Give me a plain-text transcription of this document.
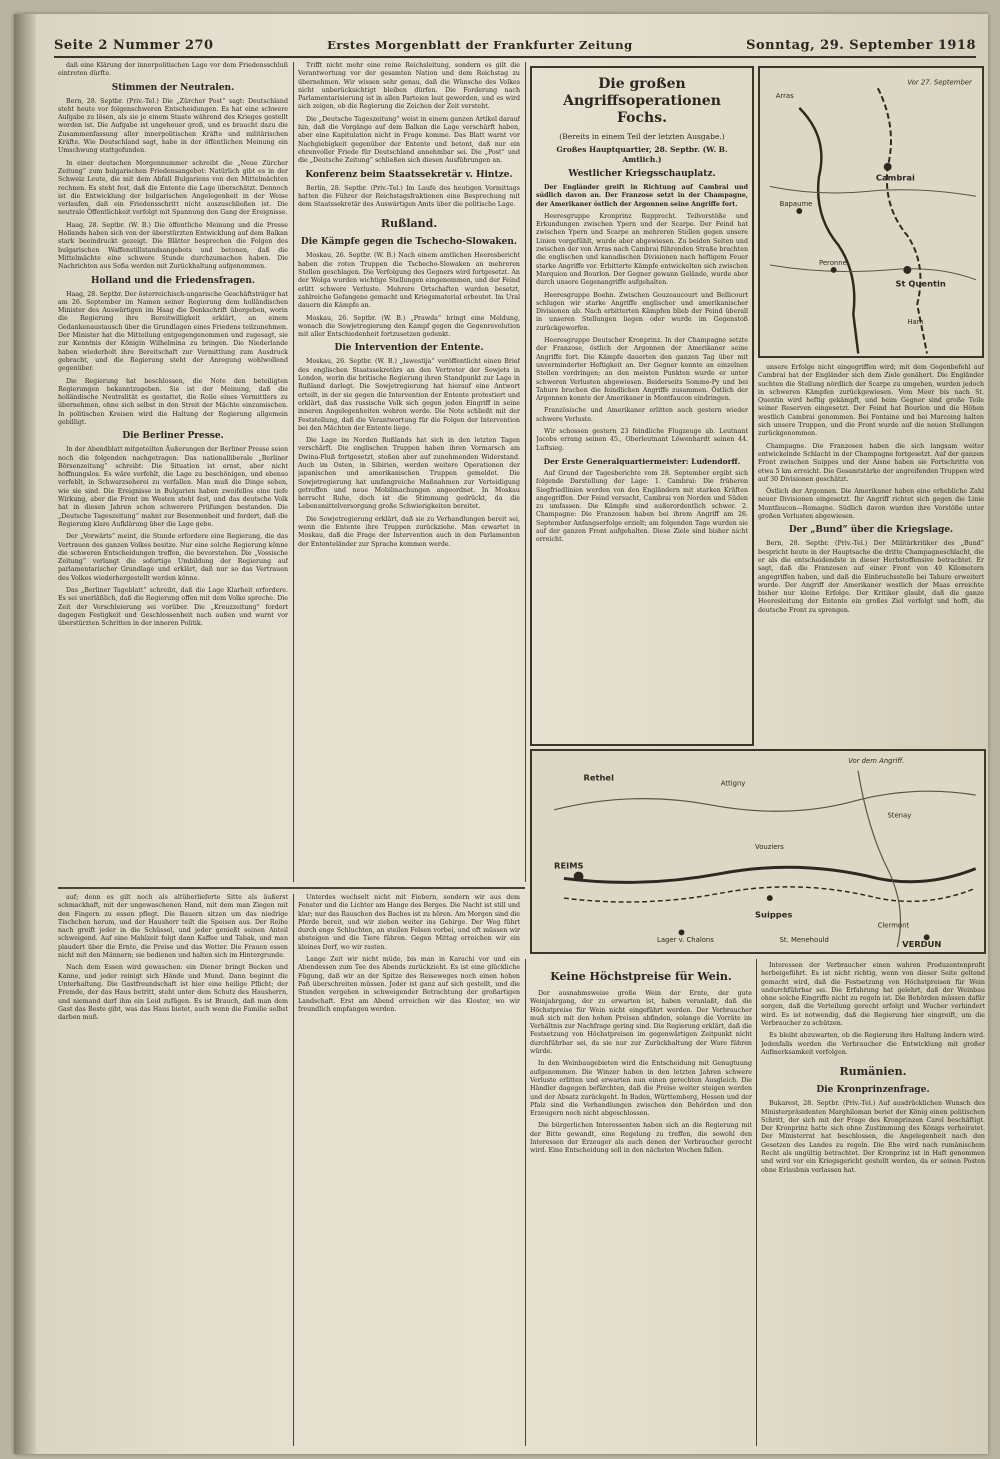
Seite 2 Nummer 270	Erstes Morgenblatt der Frankfurter Zeitung	Sonntag, 29. September 1918

daß eine Klärung der innerpolitischen Lage vor dem Friedensschluß eintreten dürfte.

Stimmen der Neutralen.

Bern, 28. Septbr. (Priv.-Tel.) Die „Zürcher Post“ sagt: Deutschland steht heute vor folgenschweren Entscheidungen. Es hat eine schwere Aufgabe zu lösen, als sie je einem Staate während des Krieges gestellt worden ist. Die Aufgabe ist ungeheuer groß, und es braucht dazu die Zusammenfassung aller innerpolitischen Kräfte und militärischen Kräfte. Wie Deutschland sagt, habe in der öffentlichen Meinung ein Umschwung stattgefunden.

In einer deutschen Morgennummer schreibt die „Neue Zürcher Zeitung“ zum bulgarischen Friedensangebot: Natürlich gibt es in der Schweiz Leute, die mit dem Abfall Bulgariens von den Mittelmächten rechnen. Es steht fest, daß die Entente die Lage überschätzt. Dennoch ist die Entwicklung der bulgarischen Angelegenheit in der Weise verlaufen, daß ein Friedensschritt nicht auszuschließen ist. Die neutrale Öffentlichkeit verfolgt mit Spannung den Gang der Ereignisse.

Haag, 28. Septbr. (W. B.) Die öffentliche Meinung und die Presse Hollands haben sich von der überstürzten Entwicklung auf dem Balkan stark beeindruckt gezeigt. Die Blätter besprechen die Folgen des bulgarischen Waffenstillstandsangebots und betonen, daß die Mittelmächte eine schwere Stunde durchzumachen haben. Die Nachrichten aus Sofia werden mit Zurückhaltung aufgenommen.

Holland und die Friedensfragen.

Haag, 28. Septbr. Der österreichisch-ungarische Geschäftsträger hat am 26. September im Namen seiner Regierung dem holländischen Minister des Auswärtigen im Haag die Denkschrift übergeben, worin die Regierung ihre Bereitwilligkeit erklärt, an einem Gedankenaustausch über die Grundlagen eines Friedens teilzunehmen. Der Minister hat die Mitteilung entgegengenommen und zugesagt, sie zur Kenntnis der Königin Wilhelmina zu bringen. Die Niederlande haben wiederholt ihre Bereitschaft zur Vermittlung zum Ausdruck gebracht, und die Regierung steht der Anregung wohlwollend gegenüber.

Die Regierung hat beschlossen, die Note den beteiligten Regierungen bekanntzugeben. Sie ist der Meinung, daß die holländische Neutralität es gestattet, die Rolle eines Vermittlers zu übernehmen, ohne sich selbst in den Streit der Mächte einzumischen. In politischen Kreisen wird die Haltung der Regierung allgemein gebilligt.

Die Berliner Presse.

In der Abendblatt mitgeteilten Äußerungen der Berliner Presse seien noch die folgenden nachgetragen: Das nationalliberale „Berliner Börsenzeitung“ schreibt: Die Situation ist ernst, aber nicht hoffnungslos. Es wäre verfehlt, die Lage zu beschönigen, und ebenso verfehlt, in Schwarzseherei zu verfallen. Man muß die Dinge sehen, wie sie sind. Die Ereignisse in Bulgarien haben zweifellos eine tiefe Wirkung, aber die Front im Westen steht fest, und das deutsche Volk hat in diesen Jahren schon schwerere Prüfungen bestanden. Die „Deutsche Tageszeitung“ mahnt zur Besonnenheit und fordert, daß die Regierung klare Aufklärung über die Lage gebe.

Der „Vorwärts“ meint, die Stunde erfordere eine Regierung, die das Vertrauen des ganzen Volkes besitze. Nur eine solche Regierung könne die schweren Entscheidungen treffen, die bevorstehen. Die „Vossische Zeitung“ verlangt die sofortige Umbildung der Regierung auf parlamentarischer Grundlage und erklärt, daß nur so das Vertrauen des Volkes wiederhergestellt werden könne.

Das „Berliner Tageblatt“ schreibt, daß die Lage Klarheit erfordere. Es sei unerläßlich, daß die Regierung offen mit dem Volke spreche. Die Zeit der Verschleierung sei vorüber. Die „Kreuzzeitung“ fordert dagegen Festigkeit und Geschlossenheit nach außen und warnt vor überstürzten Schritten in der inneren Politik.

Trifft nicht mehr eine reine Reichsleitung, sondern es gilt die Verantwortung vor der gesamten Nation und dem Reichstag zu übernehmen. Wir wissen sehr genau, daß die Wünsche des Volkes nicht unberücksichtigt bleiben dürfen. Die Forderung nach Parlamentarisierung ist in allen Parteien laut geworden, und es wird sich zeigen, ob die Regierung die Zeichen der Zeit versteht.

Die „Deutsche Tageszeitung“ weist in einem ganzen Artikel darauf hin, daß die Vorgänge auf dem Balkan die Lage verschärft haben, aber eine Kapitulation nicht in Frage komme. Das Blatt warnt vor Nachgiebigkeit gegenüber der Entente und betont, daß nur ein ehrenvoller Friede für Deutschland annehmbar sei. Die „Post“ und die „Deutsche Zeitung“ schließen sich diesen Ausführungen an.

Konferenz beim Staatssekretär v. Hintze.

Berlin, 28. Septbr. (Priv.-Tel.) Im Laufe des heutigen Vormittags hatten die Führer der Reichstagsfraktionen eine Besprechung mit dem Staatssekretär des Auswärtigen Amts über die politische Lage.

Rußland.
Die Kämpfe gegen die Tschecho-Slowaken.

Moskau, 26. Septbr. (W. B.) Nach einem amtlichen Heeresbericht haben die roten Truppen die Tschecho-Slowaken an mehreren Stellen geschlagen. Die Verfolgung des Gegners wird fortgesetzt. An der Wolga wurden wichtige Stellungen eingenommen, und der Feind erlitt schwere Verluste. Mehrere Ortschaften wurden besetzt, zahlreiche Gefangene gemacht und Kriegsmaterial erbeutet. Im Ural dauern die Kämpfe an.

Moskau, 26. Septbr. (W. B.) „Prawda“ bringt eine Meldung, wonach die Sowjetregierung den Kampf gegen die Gegenrevolution mit aller Entschiedenheit fortzusetzen gedenkt.

Die Intervention der Entente.

Moskau, 26. Septbr. (W. B.) „Iswestija“ veröffentlicht einen Brief des englischen Staatssekretärs an den Vertreter der Sowjets in London, worin die britische Regierung ihren Standpunkt zur Lage in Rußland darlegt. Die Sowjetregierung hat hierauf eine Antwort erteilt, in der sie gegen die Intervention der Entente protestiert und erklärt, daß das russische Volk sich gegen jeden Eingriff in seine inneren Angelegenheiten wehren werde. Die Note schließt mit der Feststellung, daß die Verantwortung für die Folgen der Intervention bei den Mächten der Entente liege.

Die Lage im Norden Rußlands hat sich in den letzten Tagen verschärft. Die englischen Truppen haben ihren Vormarsch am Dwina-Fluß fortgesetzt, stoßen aber auf zunehmenden Widerstand. Auch im Osten, in Sibirien, werden weitere Operationen der japanischen und amerikanischen Truppen gemeldet. Die Sowjetregierung hat umfangreiche Maßnahmen zur Verteidigung getroffen und neue Mobilmachungen angeordnet. In Moskau herrscht Ruhe, doch ist die Stimmung gedrückt, da die Lebensmittelversorgung große Schwierigkeiten bereitet.

Die Sowjetregierung erklärt, daß sie zu Verhandlungen bereit sei, wenn die Entente ihre Truppen zurückziehe. Man erwartet in Moskau, daß die Frage der Intervention auch in den Parlamenten der Ententeländer zur Sprache kommen werde.

Die großen Angriffsoperationen Fochs.
(Bereits in einem Teil der letzten Ausgabe.)
Großes Hauptquartier, 28. Septbr. (W. B. Amtlich.)
Westlicher Kriegsschauplatz.

Der Engländer greift in Richtung auf Cambrai und südlich davon an. Der Franzose setzt in der Champagne, der Amerikaner östlich der Argonnen seine Angriffe fort.

Heeresgruppe Kronprinz Rupprecht. Teilvorstöße und Erkundungen zwischen Ypern und der Scarpe. Der Feind hat zwischen Ypern und Scarpe an mehreren Stellen gegen unsere Linien vorgefühlt, wurde aber abgewiesen. Zu beiden Seiten und zwischen der von Arras nach Cambrai führenden Straße brachten die englischen und kanadischen Divisionen nach heftigem Feuer starke Angriffe vor. Erbitterte Kämpfe entwickelten sich zwischen Marquion und Bourlon. Der Gegner gewann Gelände, wurde aber durch unsere Gegenangriffe aufgehalten.

Heeresgruppe Boehn. Zwischen Gouzeaucourt und Bellicourt schlugen wir starke Angriffe englischer und amerikanischer Divisionen ab. Nach erbitterten Kämpfen blieb der Feind überall in unseren Stellungen liegen oder wurde im Gegenstoß zurückgeworfen.

Heeresgruppe Deutscher Kronprinz. In der Champagne setzte der Franzose, östlich der Argonnen der Amerikaner seine Angriffe fort. Die Kämpfe dauerten den ganzen Tag über mit unverminderter Heftigkeit an. Der Gegner konnte an einzelnen Stellen vordringen; an den meisten Punkten wurde er unter schweren Verlusten abgewiesen. Beiderseits Somme-Py und bei Tahure brachen die feindlichen Angriffe zusammen. Östlich der Argonnen konnte der Amerikaner in Montfaucon eindringen.

Französische und Amerikaner erlitten auch gestern wieder schwere Verluste.

Wir schossen gestern 23 feindliche Flugzeuge ab. Leutnant Jacobs errang seinen 45., Oberleutnant Löwenhardt seinen 44. Luftsieg.

Der Erste Generalquartiermeister: Ludendorff.

Auf Grund der Tagesberichte vom 28. September ergibt sich folgende Darstellung der Lage: 1. Cambrai: Die früheren Siegfriedlinien werden von den Engländern mit starken Kräften angegriffen. Der Feind versucht, Cambrai von Norden und Süden zu umfassen. Die Kämpfe sind außerordentlich schwer. 2. Champagne: Die Franzosen haben bei ihrem Angriff am 26. September Anfangserfolge erzielt; am folgenden Tage wurden sie auf der ganzen Front aufgehalten. Diese Ziele sind bisher nicht erreicht.

Vor 27. September
Cambrai
St Quentin
Bapaume
Peronne
Arras
Ham

unsere Erfolge nicht eingegriffen wird; mit dem Gegenbefehl auf Cambrai hat der Engländer sich dem Ziele genähert. Die Engländer suchten die Stellung nördlich der Scarpe zu umgehen, wurden jedoch in schweren Kämpfen zurückgewiesen. Vom Meer bis nach St. Quentin wird heftig gekämpft, und beim Gegner sind große Teile seiner Reserven eingesetzt. Der Feind hat Bourlon und die Höhen westlich Cambrai genommen. Bei Fontaine und bei Marcoing halten sich unsere Truppen, und die Front wurde auf die neuen Stellungen zurückgenommen.

Champagne. Die Franzosen haben die sich langsam weiter entwickelnde Schlacht in der Champagne fortgesetzt. Auf der ganzen Front zwischen Suippes und der Aisne haben sie Fortschritte von etwa 5 km erreicht. Die Gesamtstärke der angreifenden Truppen wird auf 30 Divisionen geschätzt.

Östlich der Argonnen. Die Amerikaner haben eine erhebliche Zahl neuer Divisionen eingesetzt. Ihr Angriff richtet sich gegen die Linie Montfaucon—Romagne. Südlich davon wurden ihre Vorstöße unter großen Verlusten abgewiesen.

Der „Bund“ über die Kriegslage.

Bern, 28. Septbr. (Priv.-Tel.) Der Militärkritiker des „Bund“ bespricht heute in der Hauptsache die dritte Champagneschlacht, die er als die entscheidendste in dieser Herbstoffensive betrachtet. Er sagt, daß die Franzosen auf einer Front von 40 Kilometern angegriffen haben, und daß die Einbruchsstelle bei Tahure erweitert wurde. Der Angriff der Amerikaner westlich der Maas erreichte bisher nur kleine Erfolge. Der Kritiker glaubt, daß die ganze Heeresleitung der Entente ein großes Ziel verfolgt und hofft, die deutsche Front zu sprengen.

Vor dem Angriff.
Rethel
REIMS
Suippes
Lager v. Chalons	VERDUN
Stenay
St. Menehould
Clermont
Attigny
Vouziers

auf; denn es gilt noch als altüberlieferte Sitte als äußerst schmackhaft, mit der ungewaschenen Hand, mit dem man Ziegen mit den Fingern zu essen pflegt. Die Bauern sitzen um das niedrige Tischchen herum, und der Hausherr teilt die Speisen aus. Der Reihe nach greift jeder in die Schüssel, und jeder genießt seinen Anteil schweigend. Auf eine Mahlzeit folgt dann Kaffee und Tabak, und man plaudert über die Ernte, die Preise und das Wetter. Die Frauen essen nicht mit den Männern; sie bedienen und halten sich im Hintergrunde.

Nach dem Essen wird gewaschen: ein Diener bringt Becken und Kanne, und jeder reinigt sich Hände und Mund. Dann beginnt die Unterhaltung. Die Gastfreundschaft ist hier eine heilige Pflicht; der Fremde, der das Haus betritt, steht unter dem Schutz des Hausherrn, und niemand darf ihm ein Leid zufügen. Es ist Brauch, daß man dem Gast das Beste gibt, was das Haus bietet, auch wenn die Familie selbst darben muß.

Unterdes wechselt nicht mit Fiebern, sondern wir aus dem Fenster und die Lichter am Hange des Berges. Die Nacht ist still und klar; nur das Rauschen des Baches ist zu hören. Am Morgen sind die Pferde bereit, und wir ziehen weiter ins Gebirge. Der Weg führt durch enge Schluchten, an steilen Felsen vorbei, und oft müssen wir absteigen und die Tiere führen. Gegen Mittag erreichen wir ein kleines Dorf, wo wir rasten.

Lange Zeit wir nicht müde, bis man in Karachi vor und ein Abendessen zum Tee des Abends zurückzieht. Es ist eine glückliche Fügung, daß wir an der Spitze des Reiseweges noch einen hohen Paß überschreiten müssen. Jeder ist ganz auf sich gestellt, und die Stunden vergehen in schweigender Betrachtung der großartigen Landschaft. Erst am Abend erreichen wir das Kloster, wo wir freundlich empfangen werden.

Keine Höchstpreise für Wein.

Der ausnahmsweise große Wein der Ernte, der gute Weinjahrgang, der zu erwarten ist, haben veranlaßt, daß die Höchstpreise für Wein nicht eingeführt werden. Der Verbraucher muß sich mit den hohen Preisen abfinden, solange die Vorräte im Verhältnis zur Nachfrage gering sind. Die Regierung erklärt, daß die Festsetzung von Höchstpreisen im gegenwärtigen Zeitpunkt nicht durchführbar sei, da sie nur zur Zurückhaltung der Ware führen würde.

In den Weinbaugebieten wird die Entscheidung mit Genugtuung aufgenommen. Die Winzer haben in den letzten Jahren schwere Verluste erlitten und erwarten nun einen gerechten Ausgleich. Die Händler dagegen befürchten, daß die Preise weiter steigen werden und der Absatz zurückgeht. In Baden, Württemberg, Hessen und der Pfalz sind die Verhandlungen zwischen den Behörden und den Erzeugern noch nicht abgeschlossen.

Die bürgerlichen Interessenten haben sich an die Regierung mit der Bitte gewandt, eine Regelung zu treffen, die sowohl den Interessen der Erzeuger als auch denen der Verbraucher gerecht wird. Eine Entscheidung soll in den nächsten Wochen fallen.

Interessen der Verbraucher einen wahren Produzentenprofit herbeigeführt. Es ist nicht richtig, wenn von dieser Seite geltend gemacht wird, daß die Festsetzung von Höchstpreisen für Wein undurchführbar sei. Die Erfahrung hat gelehrt, daß der Weinbau ohne solche Eingriffe nicht zu regeln ist. Die Behörden müssen dafür sorgen, daß die Verteilung gerecht erfolgt und Wucher verhindert wird. Es ist notwendig, daß die Regierung hier eingreift, um die Verbraucher zu schützen.

Es bleibt abzuwarten, ob die Regierung ihre Haltung ändern wird. Jedenfalls werden die Verbraucher die Entwicklung mit großer Aufmerksamkeit verfolgen.

Rumänien.
Die Kronprinzenfrage.

Bukarest, 28. Septbr. (Priv.-Tel.) Auf ausdrücklichen Wunsch des Ministerpräsidenten Marghiloman beriet der König einen politischen Schritt, der sich mit der Frage des Kronprinzen Carol beschäftigt. Der Kronprinz hatte sich ohne Zustimmung des Königs verheiratet. Der Ministerrat hat beschlossen, die Angelegenheit nach den Gesetzen des Landes zu regeln. Die Ehe wird nach rumänischem Recht als ungültig betrachtet. Der Kronprinz ist in Haft genommen und wird vor ein Kriegsgericht gestellt werden, da er seinen Posten ohne Erlaubnis verlassen hat.
